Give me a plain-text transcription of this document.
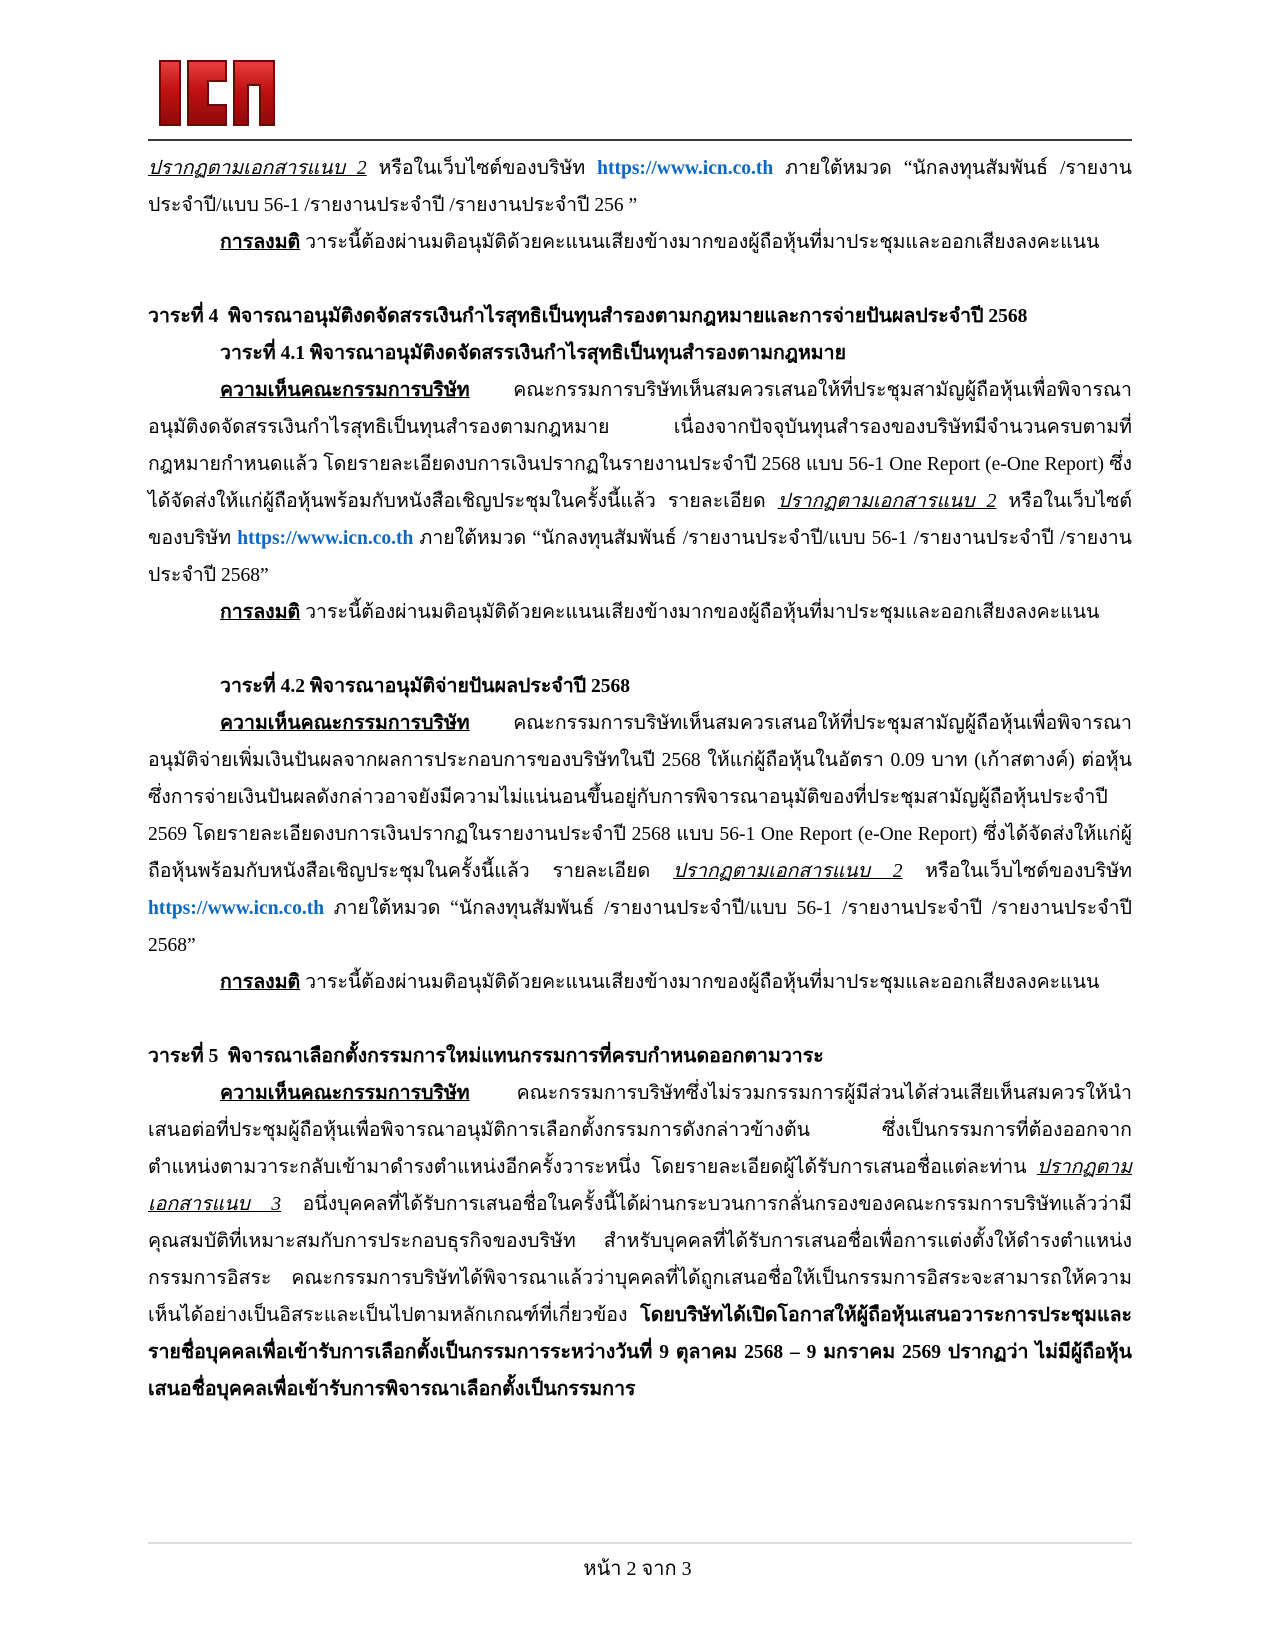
ปรากฏตามเอกสารแนบ 2 หรือในเว็บไซต์ของบริษัท https://www.icn.co.th ภายใต้หมวด “นักลงทุนสัมพันธ์ /รายงานประจำปี/แบบ 56-1 /รายงานประจำปี /รายงานประจำปี 256 ”
การลงมติ วาระนี้ต้องผ่านมติอนุมัติด้วยคะแนนเสียงข้างมากของผู้ถือหุ้นที่มาประชุมและออกเสียงลงคะแนน
วาระที่ 4  พิจารณาอนุมัติงดจัดสรรเงินกำไรสุทธิเป็นทุนสำรองตามกฎหมายและการจ่ายปันผลประจำปี 2568
วาระที่ 4.1 พิจารณาอนุมัติงดจัดสรรเงินกำไรสุทธิเป็นทุนสำรองตามกฎหมาย
ความเห็นคณะกรรมการบริษัท คณะกรรมการบริษัทเห็นสมควรเสนอให้ที่ประชุมสามัญผู้ถือหุ้นเพื่อพิจารณาอนุมัติงดจัดสรรเงินกำไรสุทธิเป็นทุนสำรองตามกฎหมาย เนื่องจากปัจจุบันทุนสำรองของบริษัทมีจำนวนครบตามที่กฎหมายกำหนดแล้ว โดยรายละเอียดงบการเงินปรากฏในรายงานประจำปี 2568 แบบ 56-1 One Report (e-One Report) ซึ่งได้จัดส่งให้แก่ผู้ถือหุ้นพร้อมกับหนังสือเชิญประชุมในครั้งนี้แล้ว รายละเอียด ปรากฏตามเอกสารแนบ 2 หรือในเว็บไซต์ของบริษัท https://www.icn.co.th ภายใต้หมวด “นักลงทุนสัมพันธ์ /รายงานประจำปี/แบบ 56-1 /รายงานประจำปี /รายงานประจำปี 2568”
การลงมติ วาระนี้ต้องผ่านมติอนุมัติด้วยคะแนนเสียงข้างมากของผู้ถือหุ้นที่มาประชุมและออกเสียงลงคะแนน
วาระที่ 4.2 พิจารณาอนุมัติจ่ายปันผลประจำปี 2568
ความเห็นคณะกรรมการบริษัท คณะกรรมการบริษัทเห็นสมควรเสนอให้ที่ประชุมสามัญผู้ถือหุ้นเพื่อพิจารณาอนุมัติจ่ายเพิ่มเงินปันผลจากผลการประกอบการของบริษัทในปี 2568 ให้แก่ผู้ถือหุ้นในอัตรา 0.09 บาท (เก้าสตางค์) ต่อหุ้น ซึ่งการจ่ายเงินปันผลดังกล่าวอาจยังมีความไม่แน่นอนขึ้นอยู่กับการพิจารณาอนุมัติของที่ประชุมสามัญผู้ถือหุ้นประจำปี 2569 โดยรายละเอียดงบการเงินปรากฏในรายงานประจำปี 2568 แบบ 56-1 One Report (e-One Report) ซึ่งได้จัดส่งให้แก่ผู้ถือหุ้นพร้อมกับหนังสือเชิญประชุมในครั้งนี้แล้ว รายละเอียด ปรากฏตามเอกสารแนบ 2 หรือในเว็บไซต์ของบริษัท https://www.icn.co.th ภายใต้หมวด “นักลงทุนสัมพันธ์ /รายงานประจำปี/แบบ 56-1 /รายงานประจำปี /รายงานประจำปี 2568”
การลงมติ วาระนี้ต้องผ่านมติอนุมัติด้วยคะแนนเสียงข้างมากของผู้ถือหุ้นที่มาประชุมและออกเสียงลงคะแนน
วาระที่ 5  พิจารณาเลือกตั้งกรรมการใหม่แทนกรรมการที่ครบกำหนดออกตามวาระ
ความเห็นคณะกรรมการบริษัท คณะกรรมการบริษัทซึ่งไม่รวมกรรมการผู้มีส่วนได้ส่วนเสียเห็นสมควรให้นำเสนอต่อที่ประชุมผู้ถือหุ้นเพื่อพิจารณาอนุมัติการเลือกตั้งกรรมการดังกล่าวข้างต้น ซึ่งเป็นกรรมการที่ต้องออกจากตำแหน่งตามวาระกลับเข้ามาดำรงตำแหน่งอีกครั้งวาระหนึ่ง โดยรายละเอียดผู้ได้รับการเสนอชื่อแต่ละท่าน ปรากฏตามเอกสารแนบ 3 อนึ่งบุคคลที่ได้รับการเสนอชื่อในครั้งนี้ได้ผ่านกระบวนการกลั่นกรองของคณะกรรมการบริษัทแล้วว่ามีคุณสมบัติที่เหมาะสมกับการประกอบธุรกิจของบริษัท สำหรับบุคคลที่ได้รับการเสนอชื่อเพื่อการแต่งตั้งให้ดำรงตำแหน่งกรรมการอิสระ คณะกรรมการบริษัทได้พิจารณาแล้วว่าบุคคลที่ได้ถูกเสนอชื่อให้เป็นกรรมการอิสระจะสามารถให้ความเห็นได้อย่างเป็นอิสระและเป็นไปตามหลักเกณฑ์ที่เกี่ยวข้อง โดยบริษัทได้เปิดโอกาสให้ผู้ถือหุ้นเสนอวาระการประชุมและรายชื่อบุคคลเพื่อเข้ารับการเลือกตั้งเป็นกรรมการระหว่างวันที่ 9 ตุลาคม 2568 – 9 มกราคม 2569 ปรากฏว่า ไม่มีผู้ถือหุ้นเสนอชื่อบุคคลเพื่อเข้ารับการพิจารณาเลือกตั้งเป็นกรรมการ
หน้า 2 จาก 3
